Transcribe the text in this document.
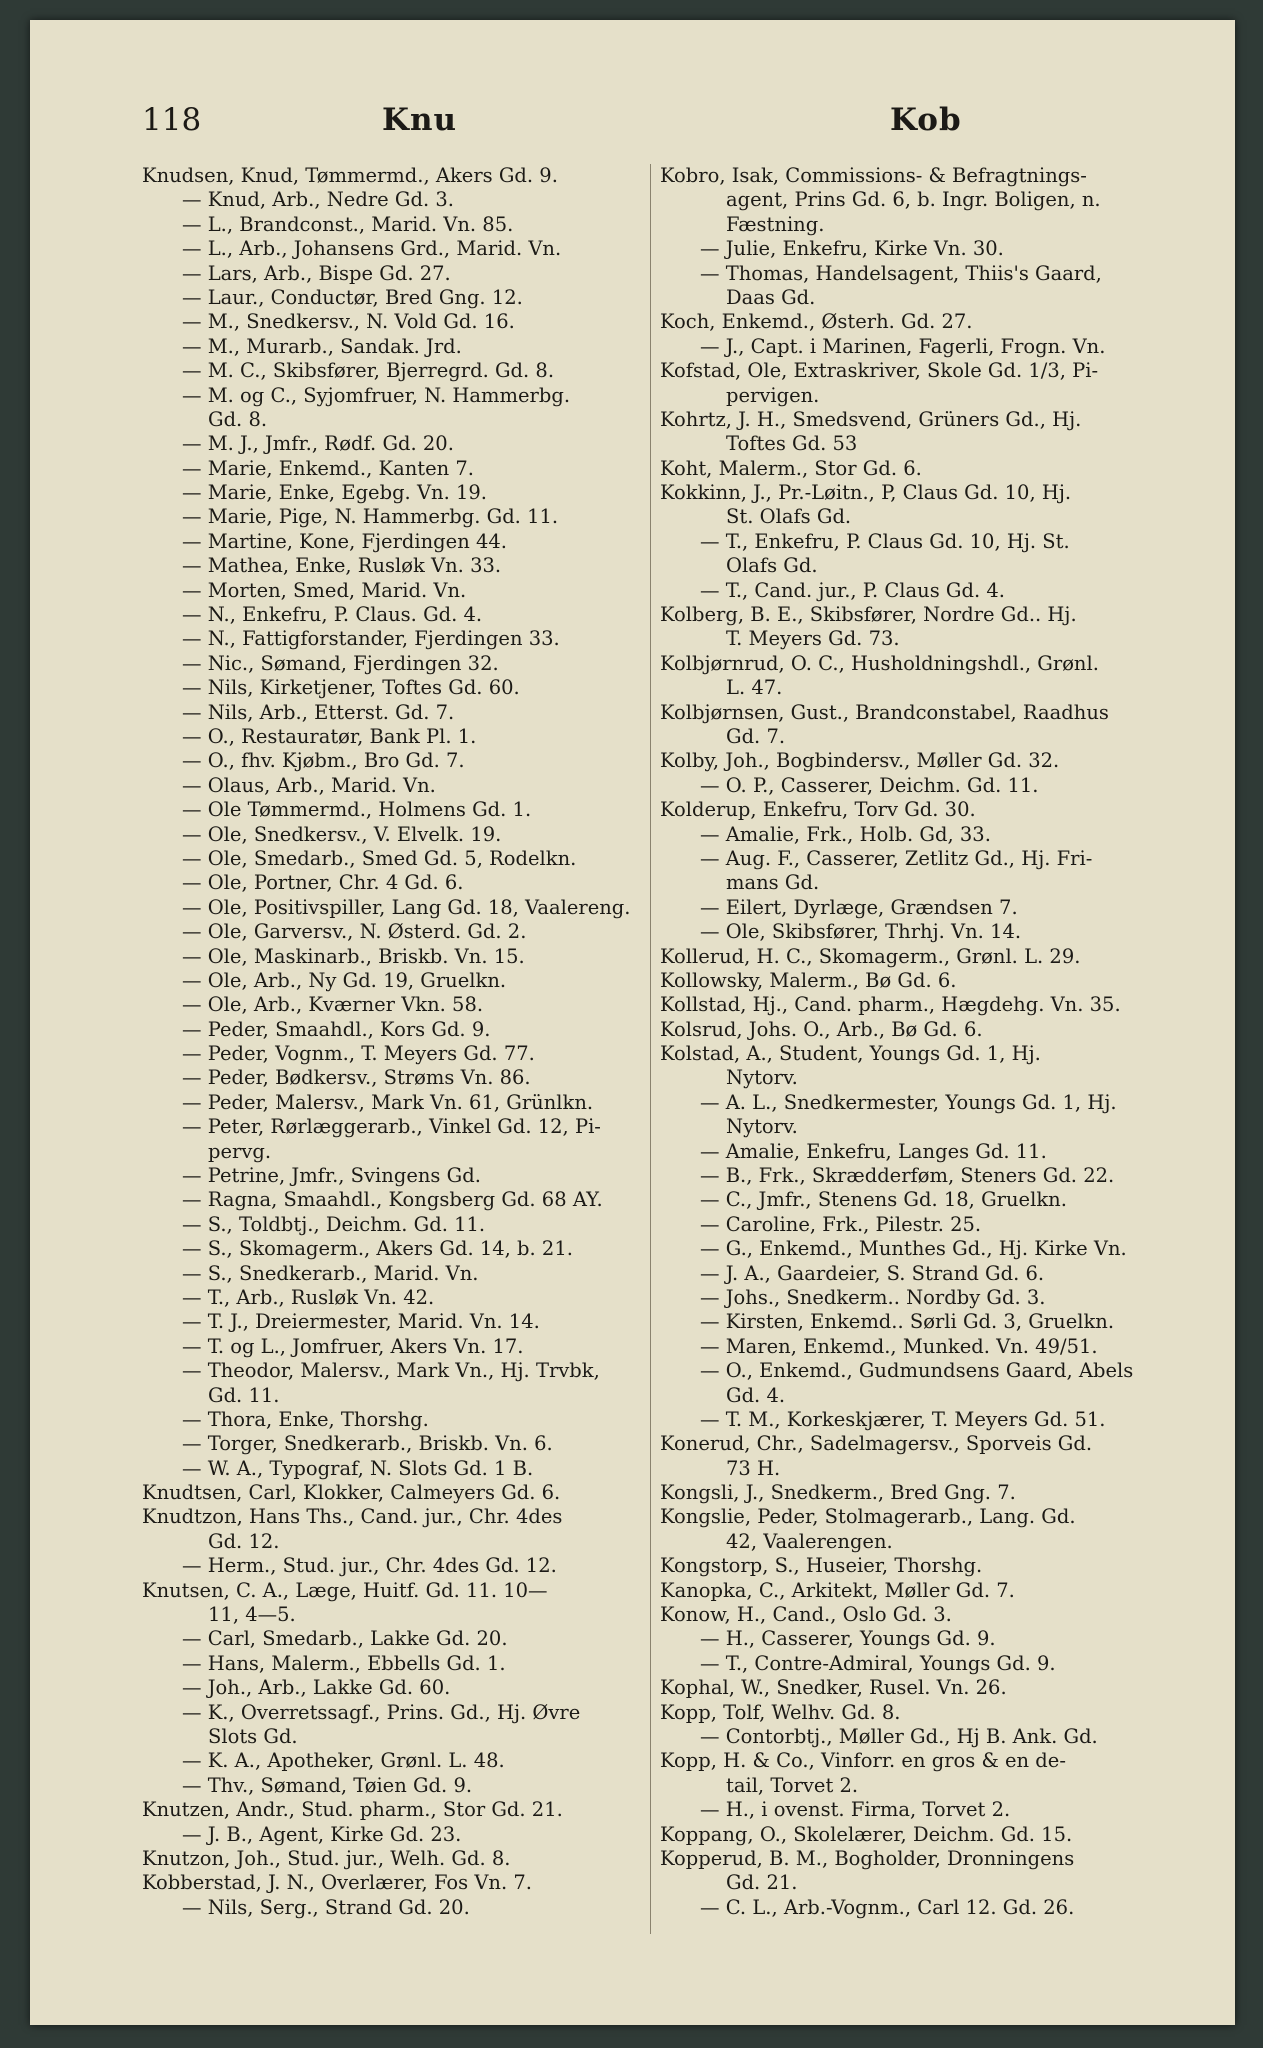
118	Knu	Kob
Knudsen, Knud, Tømmermd., Akers Gd. 9.
— Knud, Arb., Nedre Gd. 3.
— L., Brandconst., Marid. Vn. 85.
— L., Arb., Johansens Grd., Marid. Vn.
— Lars, Arb., Bispe Gd. 27.
— Laur., Conductør, Bred Gng. 12.
— M., Snedkersv., N. Vold Gd. 16.
— M., Murarb., Sandak. Jrd.
— M. C., Skibsfører, Bjerregrd. Gd. 8.
— M. og C., Syjomfruer, N. Hammerbg.
Gd. 8.
— M. J., Jmfr., Rødf. Gd. 20.
— Marie, Enkemd., Kanten 7.
— Marie, Enke, Egebg. Vn. 19.
— Marie, Pige, N. Hammerbg. Gd. 11.
— Martine, Kone, Fjerdingen 44.
— Mathea, Enke, Rusløk Vn. 33.
— Morten, Smed, Marid. Vn.
— N., Enkefru, P. Claus. Gd. 4.
— N., Fattigforstander, Fjerdingen 33.
— Nic., Sømand, Fjerdingen 32.
— Nils, Kirketjener, Toftes Gd. 60.
— Nils, Arb., Etterst. Gd. 7.
— O., Restauratør, Bank Pl. 1.
— O., fhv. Kjøbm., Bro Gd. 7.
— Olaus, Arb., Marid. Vn.
— Ole Tømmermd., Holmens Gd. 1.
— Ole, Snedkersv., V. Elvelk. 19.
— Ole, Smedarb., Smed Gd. 5, Rodelkn.
— Ole, Portner, Chr. 4 Gd. 6.
— Ole, Positivspiller, Lang Gd. 18, Vaalereng.
— Ole, Garversv., N. Østerd. Gd. 2.
— Ole, Maskinarb., Briskb. Vn. 15.
— Ole, Arb., Ny Gd. 19, Gruelkn.
— Ole, Arb., Kværner Vkn. 58.
— Peder, Smaahdl., Kors Gd. 9.
— Peder, Vognm., T. Meyers Gd. 77.
— Peder, Bødkersv., Strøms Vn. 86.
— Peder, Malersv., Mark Vn. 61, Grünlkn.
— Peter, Rørlæggerarb., Vinkel Gd. 12, Pi-
pervg.
— Petrine, Jmfr., Svingens Gd.
— Ragna, Smaahdl., Kongsberg Gd. 68 AY.
— S., Toldbtj., Deichm. Gd. 11.
— S., Skomagerm., Akers Gd. 14, b. 21.
— S., Snedkerarb., Marid. Vn.
— T., Arb., Rusløk Vn. 42.
— T. J., Dreiermester, Marid. Vn. 14.
— T. og L., Jomfruer, Akers Vn. 17.
— Theodor, Malersv., Mark Vn., Hj. Trvbk,
Gd. 11.
— Thora, Enke, Thorshg.
— Torger, Snedkerarb., Briskb. Vn. 6.
— W. A., Typograf, N. Slots Gd. 1 B.
Knudtsen, Carl, Klokker, Calmeyers Gd. 6.
Knudtzon, Hans Ths., Cand. jur., Chr. 4des
Gd. 12.
— Herm., Stud. jur., Chr. 4des Gd. 12.
Knutsen, C. A., Læge, Huitf. Gd. 11. 10—
11, 4—5.
— Carl, Smedarb., Lakke Gd. 20.
— Hans, Malerm., Ebbells Gd. 1.
— Joh., Arb., Lakke Gd. 60.
— K., Overretssagf., Prins. Gd., Hj. Øvre
Slots Gd.
— K. A., Apotheker, Grønl. L. 48.
— Thv., Sømand, Tøien Gd. 9.
Knutzen, Andr., Stud. pharm., Stor Gd. 21.
— J. B., Agent, Kirke Gd. 23.
Knutzon, Joh., Stud. jur., Welh. Gd. 8.
Kobberstad, J. N., Overlærer, Fos Vn. 7.
— Nils, Serg., Strand Gd. 20.
Kobro, Isak, Commissions- & Befragtnings-
agent, Prins Gd. 6, b. Ingr. Boligen, n.
Fæstning.
— Julie, Enkefru, Kirke Vn. 30.
— Thomas, Handelsagent, Thiis's Gaard,
Daas Gd.
Koch, Enkemd., Østerh. Gd. 27.
— J., Capt. i Marinen, Fagerli, Frogn. Vn.
Kofstad, Ole, Extraskriver, Skole Gd. 1/3, Pi-
pervigen.
Kohrtz, J. H., Smedsvend, Grüners Gd., Hj.
Toftes Gd. 53
Koht, Malerm., Stor Gd. 6.
Kokkinn, J., Pr.-Løitn., P, Claus Gd. 10, Hj.
St. Olafs Gd.
— T., Enkefru, P. Claus Gd. 10, Hj. St.
Olafs Gd.
— T., Cand. jur., P. Claus Gd. 4.
Kolberg, B. E., Skibsfører, Nordre Gd.. Hj.
T. Meyers Gd. 73.
Kolbjørnrud, O. C., Husholdningshdl., Grønl.
L. 47.
Kolbjørnsen, Gust., Brandconstabel, Raadhus
Gd. 7.
Kolby, Joh., Bogbindersv., Møller Gd. 32.
— O. P., Casserer, Deichm. Gd. 11.
Kolderup, Enkefru, Torv Gd. 30.
— Amalie, Frk., Holb. Gd, 33.
— Aug. F., Casserer, Zetlitz Gd., Hj. Fri-
mans Gd.
— Eilert, Dyrlæge, Grændsen 7.
— Ole, Skibsfører, Thrhj. Vn. 14.
Kollerud, H. C., Skomagerm., Grønl. L. 29.
Kollowsky, Malerm., Bø Gd. 6.
Kollstad, Hj., Cand. pharm., Hægdehg. Vn. 35.
Kolsrud, Johs. O., Arb., Bø Gd. 6.
Kolstad, A., Student, Youngs Gd. 1, Hj.
Nytorv.
— A. L., Snedkermester, Youngs Gd. 1, Hj.
Nytorv.
— Amalie, Enkefru, Langes Gd. 11.
— B., Frk., Skrædderføm, Steners Gd. 22.
— C., Jmfr., Stenens Gd. 18, Gruelkn.
— Caroline, Frk., Pilestr. 25.
— G., Enkemd., Munthes Gd., Hj. Kirke Vn.
— J. A., Gaardeier, S. Strand Gd. 6.
— Johs., Snedkerm.. Nordby Gd. 3.
— Kirsten, Enkemd.. Sørli Gd. 3, Gruelkn.
— Maren, Enkemd., Munked. Vn. 49/51.
— O., Enkemd., Gudmundsens Gaard, Abels
Gd. 4.
— T. M., Korkeskjærer, T. Meyers Gd. 51.
Konerud, Chr., Sadelmagersv., Sporveis Gd.
73 H.
Kongsli, J., Snedkerm., Bred Gng. 7.
Kongslie, Peder, Stolmagerarb., Lang. Gd.
42, Vaalerengen.
Kongstorp, S., Huseier, Thorshg.
Kanopka, C., Arkitekt, Møller Gd. 7.
Konow, H., Cand., Oslo Gd. 3.
— H., Casserer, Youngs Gd. 9.
— T., Contre-Admiral, Youngs Gd. 9.
Kophal, W., Snedker, Rusel. Vn. 26.
Kopp, Tolf, Welhv. Gd. 8.
— Contorbtj., Møller Gd., Hj B. Ank. Gd.
Kopp, H. & Co., Vinforr. en gros & en de-
tail, Torvet 2.
— H., i ovenst. Firma, Torvet 2.
Koppang, O., Skolelærer, Deichm. Gd. 15.
Kopperud, B. M., Bogholder, Dronningens
Gd. 21.
— C. L., Arb.-Vognm., Carl 12. Gd. 26.
